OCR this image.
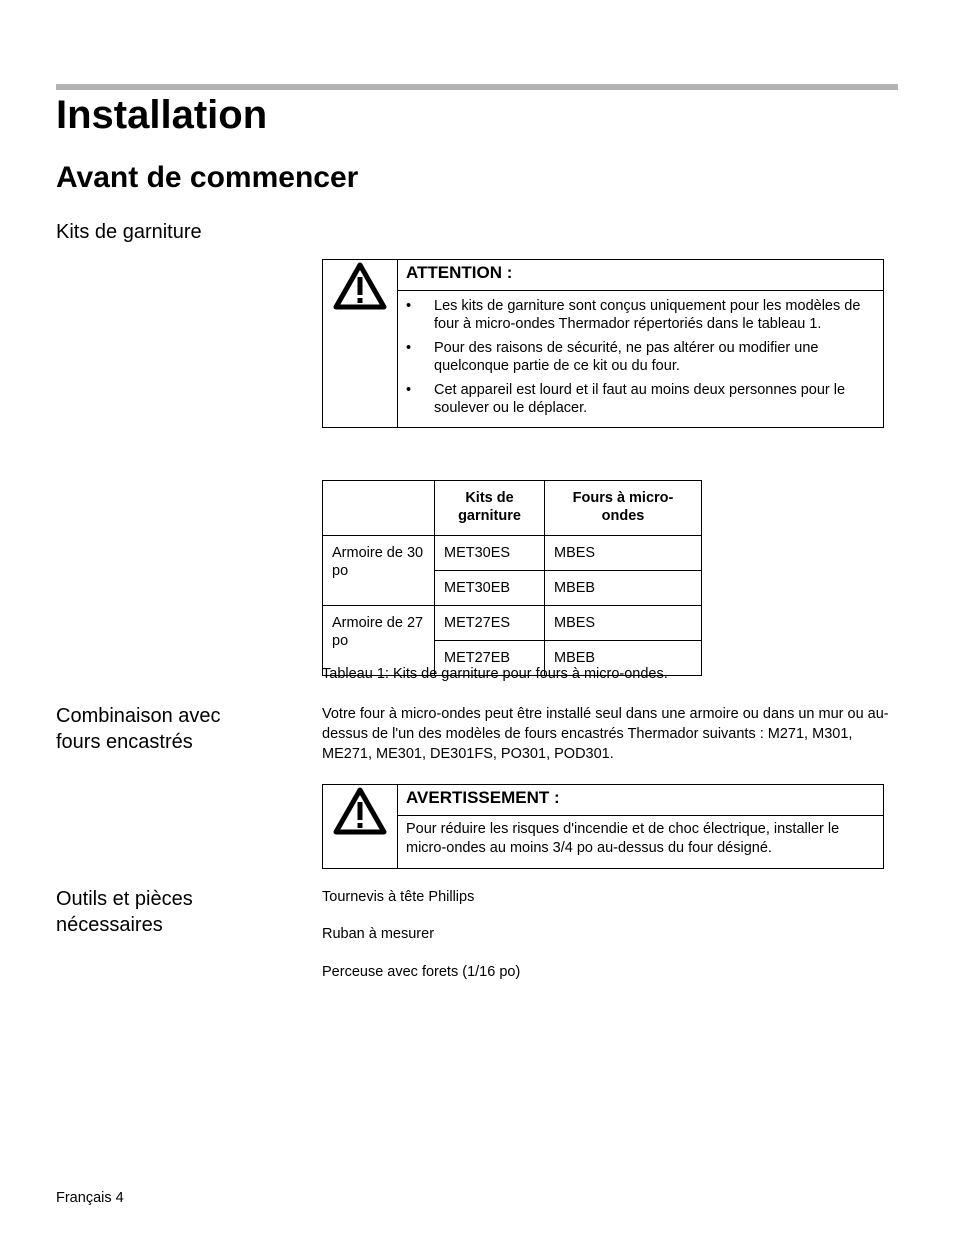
Installation
Avant de commencer
Kits de garniture
ATTENTION :
• Les kits de garniture sont conçus uniquement pour les modèles de four à micro-ondes Thermador répertoriés dans le tableau 1.
• Pour des raisons de sécurité, ne pas altérer ou modifier une quelconque partie de ce kit ou du four.
• Cet appareil est lourd et il faut au moins deux personnes pour le soulever ou le déplacer.
	Kits de garniture	Fours à micro-ondes
Armoire de 30 po	MET30ES	MBES
	MET30EB	MBEB
Armoire de 27 po	MET27ES	MBES
	MET27EB	MBEB
Tableau 1: Kits de garniture pour fours à micro-ondes.
Combinaison avec
fours encastrés
Votre four à micro-ondes peut être installé seul dans une armoire ou dans un mur ou au-dessus de l'un des modèles de fours encastrés Thermador suivants : M271, M301, ME271, ME301, DE301FS, PO301, POD301.
AVERTISSEMENT :
Pour réduire les risques d'incendie et de choc électrique, installer le micro-ondes au moins 3/4 po au-dessus du four désigné.
Outils et pièces
nécessaires
Tournevis à tête Phillips
Ruban à mesurer
Perceuse avec forets (1/16 po)
Français 4
